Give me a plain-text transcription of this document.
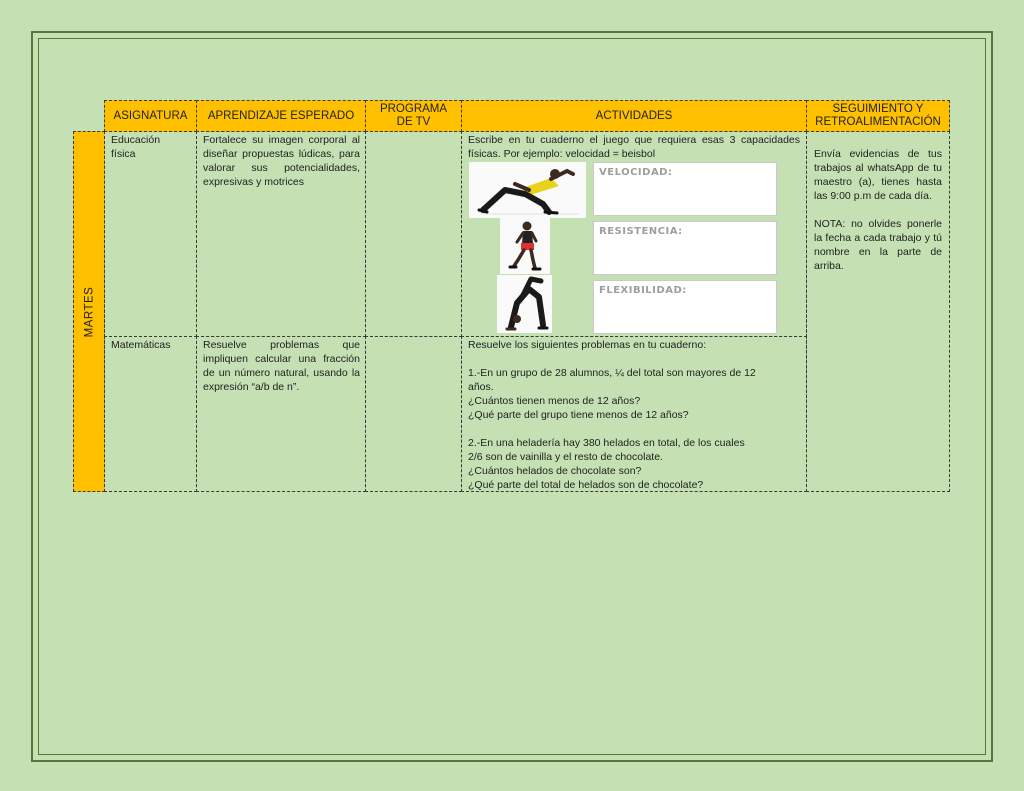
ASIGNATURA APRENDIZAJE ESPERADO
PROGRAMA DE TV
ACTIVIDADES
SEGUIMIENTO Y RETROALIMENTACIÓN
MARTES
Educación
física
Fortalece su imagen corporal al diseñar propuestas lúdicas, para valorar sus potencialidades, expresivas y motrices
Escribe en tu cuaderno el juego que requiera esas 3 capacidades físicas. Por ejemplo: velocidad = beisbol
VELOCIDAD:
RESISTENCIA:
FLEXIBILIDAD:
Envía evidencias de tus trabajos al whatsApp de tu maestro (a), tienes hasta las 9:00 p.m de cada día.
NOTA: no olvides ponerle la fecha a cada trabajo y tú nombre en la parte de arriba.
Matemáticas	Resuelve problemas que impliquen calcular una fracción de un número natural, usando la expresión “a/b de n”.
Resuelve los siguientes problemas en tu cuaderno:
1.-En un grupo de 28 alumnos, ¼ del total son mayores de 12
años.
¿Cuántos tienen menos de 12 años?
¿Qué parte del grupo tiene menos de 12 años?
2.-En una heladería hay 380 helados en total, de los cuales
2/6 son de vainilla y el resto de chocolate.
¿Cuántos helados de chocolate son?
¿Qué parte del total de helados son de chocolate?
